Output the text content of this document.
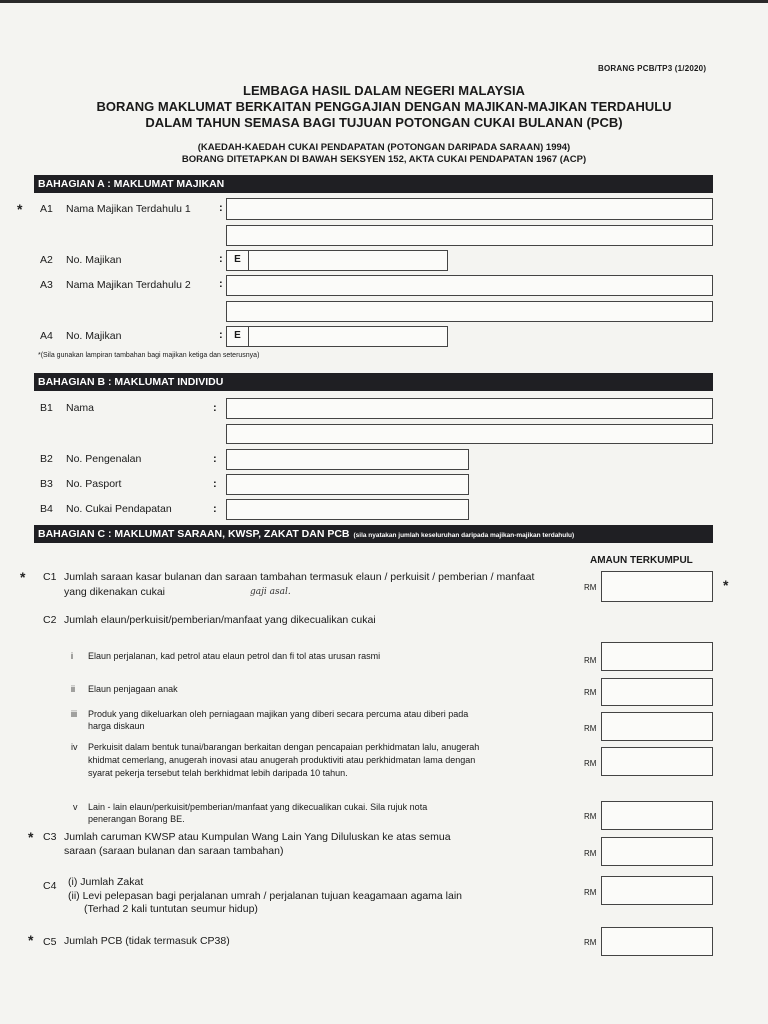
BORANG PCB/TP3 (1/2020)
LEMBAGA HASIL DALAM NEGERI MALAYSIA
BORANG MAKLUMAT BERKAITAN PENGGAJIAN DENGAN MAJIKAN-MAJIKAN TERDAHULU
DALAM TAHUN SEMASA BAGI TUJUAN POTONGAN CUKAI BULANAN (PCB)
(KAEDAH-KAEDAH CUKAI PENDAPATAN (POTONGAN DARIPADA SARAAN) 1994)
BORANG DITETAPKAN DI BAWAH SEKSYEN 152, AKTA CUKAI PENDAPATAN 1967 (ACP)
BAHAGIAN A : MAKLUMAT MAJIKAN
* A1 Nama Majikan Terdahulu 1	:
A2 No. Majikan	:	E
A3 Nama Majikan Terdahulu 2	:
A4 No. Majikan	:	E
*(Sila gunakan lampiran tambahan bagi majikan ketiga dan seterusnya)
BAHAGIAN B : MAKLUMAT INDIVIDU
B1 Nama	:
B2 No. Pengenalan	:
B3 No. Pasport	:
B4 No. Cukai Pendapatan	:
BAHAGIAN C : MAKLUMAT SARAAN, KWSP, ZAKAT DAN PCB (sila nyatakan jumlah keseluruhan daripada majikan-majikan terdahulu)
AMAUN TERKUMPUL
* C1 Jumlah saraan kasar bulanan dan saraan tambahan termasuk elaun / perkuisit / pemberian / manfaat
yang dikenakan cukai	gaji asal.	RM	*
C2 Jumlah elaun/perkuisit/pemberian/manfaat yang dikecualikan cukai
i Elaun perjalanan, kad petrol atau elaun petrol dan fi tol atas urusan rasmi	RM
ii Elaun penjagaan anak	RM
iii Produk yang dikeluarkan oleh perniagaan majikan yang diberi secara percuma atau diberi pada
harga diskaun	RM
iv Perkuisit dalam bentuk tunai/barangan berkaitan dengan pencapaian perkhidmatan lalu, anugerah
khidmat cemerlang, anugerah inovasi atau anugerah produktiviti atau perkhidmatan lama dengan
syarat pekerja tersebut telah berkhidmat lebih daripada 10 tahun.
RM
v Lain - lain elaun/perkuisit/pemberian/manfaat yang dikecualikan cukai. Sila rujuk nota
penerangan Borang BE.	RM
* C3 Jumlah caruman KWSP atau Kumpulan Wang Lain Yang Diluluskan ke atas semua
saraan (saraan bulanan dan saraan tambahan)	RM
C4 (i) Jumlah Zakat
(ii) Levi pelepasan bagi perjalanan umrah / perjalanan tujuan keagamaan agama lain
(Terhad 2 kali tuntutan seumur hidup)
RM
* C5 Jumlah PCB (tidak termasuk CP38)	RM
